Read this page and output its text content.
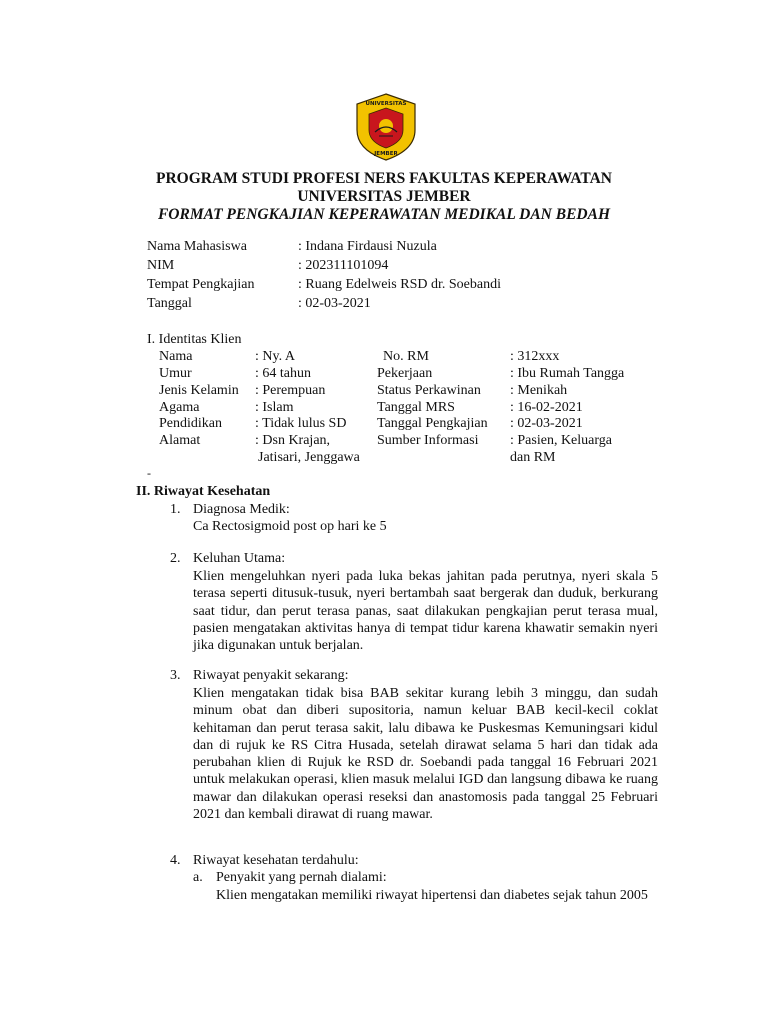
UNIVERSITAS
JEMBER
PROGRAM STUDI PROFESI NERS FAKULTAS KEPERAWATAN
UNIVERSITAS JEMBER
FORMAT PENGKAJIAN KEPERAWATAN MEDIKAL DAN BEDAH
Nama Mahasiswa	: Indana Firdausi Nuzula
NIM	: 202311101094
Tempat Pengkajian	: Ruang Edelweis RSD dr. Soebandi
Tanggal	: 02-03-2021
I. Identitas Klien
Nama	: Ny. A	No. RM	: 312xxx
Umur	: 64 tahun	Pekerjaan	: Ibu Rumah Tangga
Jenis Kelamin : Perempuan	Status Perkawinan : Menikah
Agama	: Islam	Tanggal MRS	: 16-02-2021
Pendidikan : Tidak lulus SD Tanggal Pengkajian : 02-03-2021
Alamat	: Dsn Krajan,	Sumber Informasi : Pasien, Keluarga
Jatisari, Jenggawa	dan RM
-
II. Riwayat Kesehatan
1. Diagnosa Medik:
Ca Rectosigmoid post op hari ke 5
2. Keluhan Utama:
Klien mengeluhkan nyeri pada luka bekas jahitan pada perutnya, nyeri skala 5 terasa seperti ditusuk-tusuk, nyeri bertambah saat bergerak dan duduk, berkurang saat tidur, dan perut terasa panas, saat dilakukan pengkajian perut terasa mual, pasien mengatakan aktivitas hanya di tempat tidur karena khawatir semakin nyeri jika digunakan untuk berjalan.
3. Riwayat penyakit sekarang:
Klien mengatakan tidak bisa BAB sekitar kurang lebih 3 minggu, dan sudah minum obat dan diberi supositoria, namun keluar BAB kecil-kecil coklat kehitaman dan perut terasa sakit, lalu dibawa ke Puskesmas Kemuningsari kidul dan di rujuk ke RS Citra Husada, setelah dirawat selama 5 hari dan tidak ada perubahan klien di Rujuk ke RSD dr. Soebandi pada tanggal 16 Februari 2021 untuk melakukan operasi, klien masuk melalui IGD dan langsung dibawa ke ruang mawar dan dilakukan operasi reseksi dan anastomosis pada tanggal 25 Februari 2021 dan kembali dirawat di ruang mawar.
4. Riwayat kesehatan terdahulu:
a. Penyakit yang pernah dialami:
Klien mengatakan memiliki riwayat hipertensi dan diabetes sejak tahun 2005
